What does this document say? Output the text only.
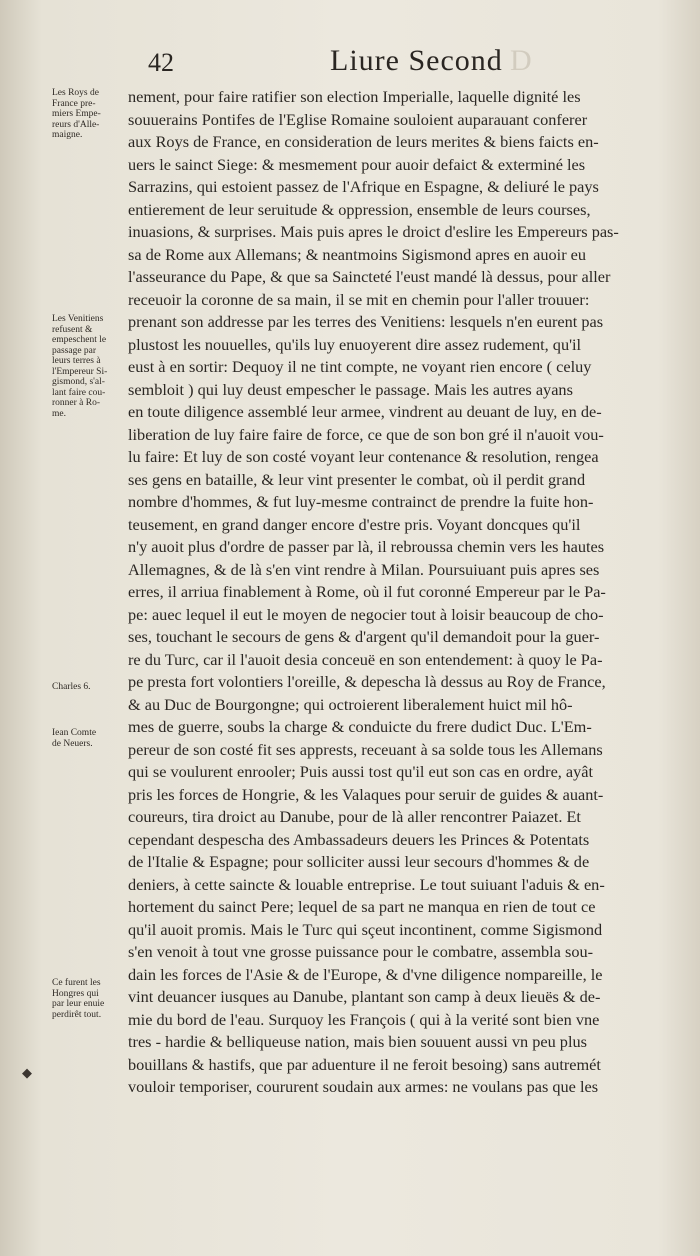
42	Liure Second D
nement, pour faire ratifier son election Imperialle, laquelle dignité les
souuerains Pontifes de l'Eglise Romaine souloient auparauant conferer
aux Roys de France, en consideration de leurs merites & biens faicts en-
uers le sainct Siege: & mesmement pour auoir defaict & exterminé les
Sarrazins, qui estoient passez de l'Afrique en Espagne, & deliuré le pays
entierement de leur seruitude & oppression, ensemble de leurs courses,
inuasions, & surprises. Mais puis apres le droict d'eslire les Empereurs pas-
sa de Rome aux Allemans; & neantmoins Sigismond apres en auoir eu
l'asseurance du Pape, & que sa Saincteté l'eust mandé là dessus, pour aller
receuoir la coronne de sa main, il se mit en chemin pour l'aller trouuer:
prenant son addresse par les terres des Venitiens: lesquels n'en eurent pas
plustost les nouuelles, qu'ils luy enuoyerent dire assez rudement, qu'il
eust à en sortir: Dequoy il ne tint compte, ne voyant rien encore ( celuy
sembloit ) qui luy deust empescher le passage. Mais les autres ayans
en toute diligence assemblé leur armee, vindrent au deuant de luy, en de-
liberation de luy faire faire de force, ce que de son bon gré il n'auoit vou-
lu faire: Et luy de son costé voyant leur contenance & resolution, rengea
ses gens en bataille, & leur vint presenter le combat, où il perdit grand
nombre d'hommes, & fut luy-mesme contrainct de prendre la fuite hon-
teusement, en grand danger encore d'estre pris. Voyant doncques qu'il
n'y auoit plus d'ordre de passer par là, il rebroussa chemin vers les hautes
Allemagnes, & de là s'en vint rendre à Milan. Poursuiuant puis apres ses
erres, il arriua finablement à Rome, où il fut coronné Empereur par le Pa-
pe: auec lequel il eut le moyen de negocier tout à loisir beaucoup de cho-
ses, touchant le secours de gens & d'argent qu'il demandoit pour la guer-
re du Turc, car il l'auoit desia conceuë en son entendement: à quoy le Pa-
pe presta fort volontiers l'oreille, & depescha là dessus au Roy de France,
& au Duc de Bourgongne; qui octroierent liberalement huict mil hô-
mes de guerre, soubs la charge & conduicte du frere dudict Duc. L'Em-
pereur de son costé fit ses apprests, receuant à sa solde tous les Allemans
qui se voulurent enrooler; Puis aussi tost qu'il eut son cas en ordre, ayât
pris les forces de Hongrie, & les Valaques pour seruir de guides & auant-
coureurs, tira droict au Danube, pour de là aller rencontrer Paiazet. Et
cependant despescha des Ambassadeurs deuers les Princes & Potentats
de l'Italie & Espagne; pour solliciter aussi leur secours d'hommes & de
deniers, à cette saincte & louable entreprise. Le tout suiuant l'aduis & en-
hortement du sainct Pere; lequel de sa part ne manqua en rien de tout ce
qu'il auoit promis. Mais le Turc qui sçeut incontinent, comme Sigismond
s'en venoit à tout vne grosse puissance pour le combatre, assembla sou-
dain les forces de l'Asie & de l'Europe, & d'vne diligence nompareille, le
vint deuancer iusques au Danube, plantant son camp à deux lieuës & de-
mie du bord de l'eau. Surquoy les François ( qui à la verité sont bien vne
tres - hardie & belliqueuse nation, mais bien souuent aussi vn peu plus
bouillans & hastifs, que par aduenture il ne feroit besoing) sans autremét
vouloir temporiser, coururent soudain aux armes: ne voulans pas que les
Les Roys de
France pre-
miers Empe-
reurs d'Alle-
maigne.
Les Venitiens
refusent &
empeschent le
passage par
leurs terres à
l'Empereur Si-
gismond, s'al-
lant faire cou-
ronner à Ro-
me.
Charles 6.
Iean Comte
de Neuers.
Ce furent les
Hongres qui
par leur enuie
perdirêt tout.
◆
